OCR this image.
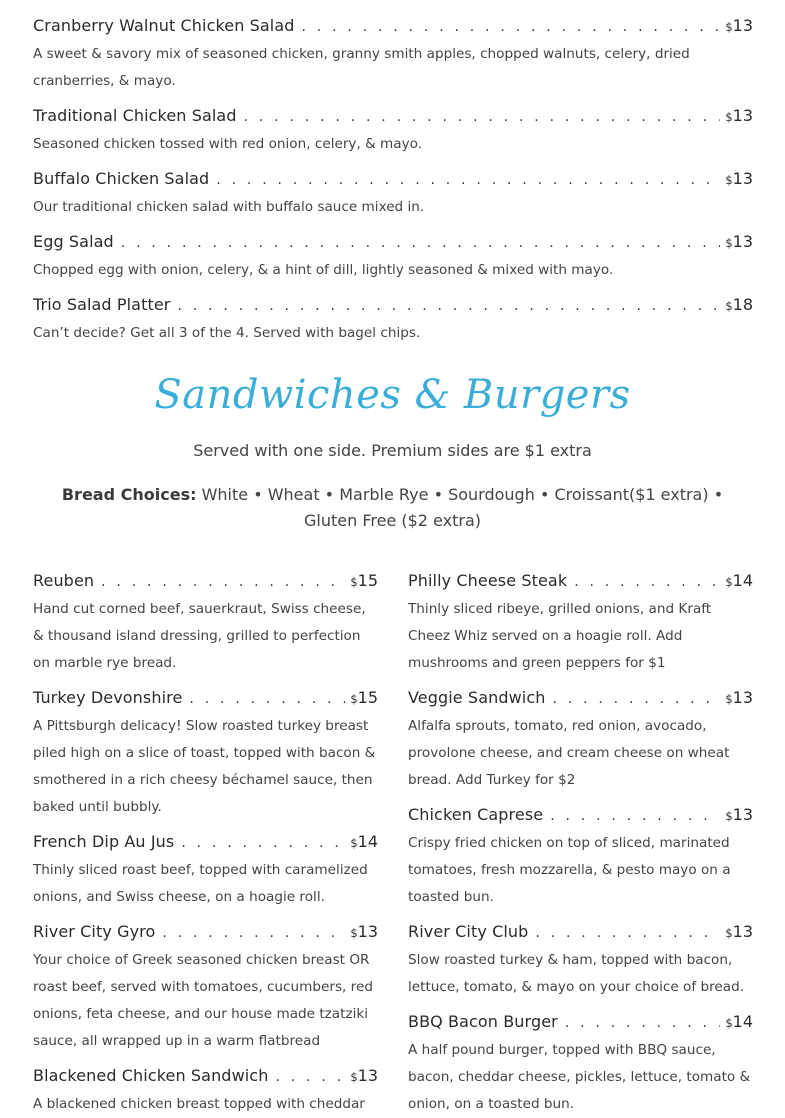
Cranberry Walnut Chicken Salad . . .	$13
A sweet & savory mix of seasoned chicken, granny smith apples, chopped walnuts, celery, dried cranberries, & mayo.
Traditional Chicken Salad . . .	$13
Seasoned chicken tossed with red onion, celery, & mayo.
Buffalo Chicken Salad . . .	$13
Our traditional chicken salad with buffalo sauce mixed in.
Egg Salad . . .	$13
Chopped egg with onion, celery, & a hint of dill, lightly seasoned & mixed with mayo.
Trio Salad Platter . . .	$18
Can’t decide? Get all 3 of the 4. Served with bagel chips.
Sandwiches & Burgers
Served with one side. Premium sides are $1 extra
Bread Choices: White • Wheat • Marble Rye • Sourdough • Croissant($1 extra) • Gluten Free ($2 extra)
Reuben . . .	$15
Hand cut corned beef, sauerkraut, Swiss cheese, & thousand island dressing, grilled to perfection on marble rye bread.
Turkey Devonshire . . .	$15
A Pittsburgh delicacy! Slow roasted turkey breast piled high on a slice of toast, topped with bacon & smothered in a rich cheesy béchamel sauce, then baked until bubbly.
French Dip Au Jus . . .	$14
Thinly sliced roast beef, topped with caramelized onions, and Swiss cheese, on a hoagie roll.
River City Gyro . . .	$13
Your choice of Greek seasoned chicken breast OR roast beef, served with tomatoes, cucumbers, red onions, feta cheese, and our house made tzatziki sauce, all wrapped up in a warm flatbread
Blackened Chicken Sandwich . . .	$13
A blackened chicken breast topped with cheddar
Philly Cheese Steak . . .	$14
Thinly sliced ribeye, grilled onions, and Kraft Cheez Whiz served on a hoagie roll. Add mushrooms and green peppers for $1
Veggie Sandwich . . .	$13
Alfalfa sprouts, tomato, red onion, avocado, provolone cheese, and cream cheese on wheat bread. Add Turkey for $2
Chicken Caprese . . .	$13
Crispy fried chicken on top of sliced, marinated tomatoes, fresh mozzarella, & pesto mayo on a toasted bun.
River City Club . . .	$13
Slow roasted turkey & ham, topped with bacon, lettuce, tomato, & mayo on your choice of bread.
BBQ Bacon Burger . . .	$14
A half pound burger, topped with BBQ sauce, bacon, cheddar cheese, pickles, lettuce, tomato & onion, on a toasted bun.
